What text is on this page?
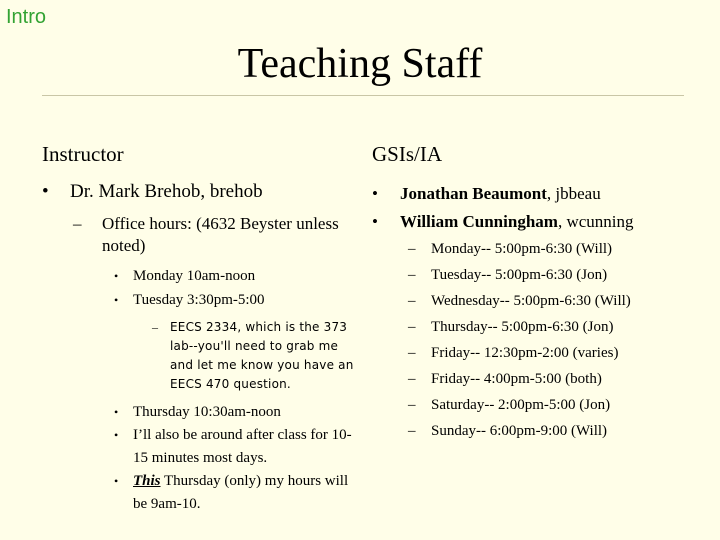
Intro
Teaching Staff
Instructor
• Dr. Mark Brehob, brehob
– Office hours: (4632 Beyster unless noted)
• Monday 10am-noon
• Tuesday 3:30pm-5:00
– EECS 2334, which is the 373 lab--you'll need to grab me and let me know you have an EECS 470 question.
• Thursday 10:30am-noon
• I’ll also be around after class for 10-15 minutes most days.
• This Thursday (only) my hours will be 9am-10.
GSIs/IA
• Jonathan Beaumont, jbbeau
• William Cunningham, wcunning
– Monday-- 5:00pm-6:30 (Will)
– Tuesday-- 5:00pm-6:30 (Jon)
– Wednesday-- 5:00pm-6:30 (Will)
– Thursday-- 5:00pm-6:30 (Jon)
– Friday-- 12:30pm-2:00 (varies)
– Friday-- 4:00pm-5:00 (both)
– Saturday-- 2:00pm-5:00 (Jon)
– Sunday-- 6:00pm-9:00 (Will)
